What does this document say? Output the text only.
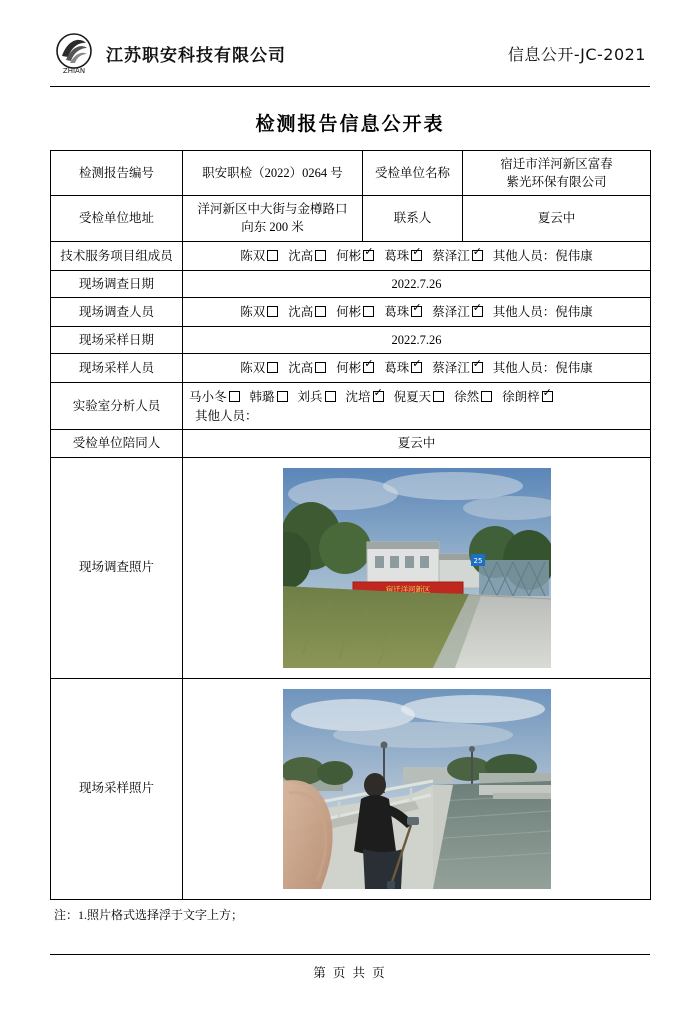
ZHIAN
江苏职安科技有限公司	信息公开-JC-2021
检测报告信息公开表
检测报告编号	职安职检（2022）0264 号	受检单位名称	宿迁市洋河新区富春
紫光环保有限公司

受检单位地址	洋河新区中大街与金樽路口
向东 200 米	联系人	夏云中
技术服务项目组成员	陈双	沈高	何彬 ✓	葛珠 ✓	蔡泽江 ✓	其他人员：倪伟康

现场调查日期	2022.7.26		
现场调查人员	陈双	沈高	何彬	葛珠 ✓	蔡泽江 ✓	其他人员：倪伟康

现场采样日期	2022.7.26		
现场采样人员	陈双	沈高	何彬 ✓	葛珠 ✓	蔡泽江 ✓	其他人员：倪伟康

实验室分析人员	
马小冬	韩璐	刘兵	沈培 ✓	倪夏天	徐然	徐朗梓✓
其他人员：

受检单位陪同人	夏云中		
现场调查照片	25
宿迁洋河新区		

现场采样照片	
注：1.照片格式选择浮于文字上方；
第 页 共 页
